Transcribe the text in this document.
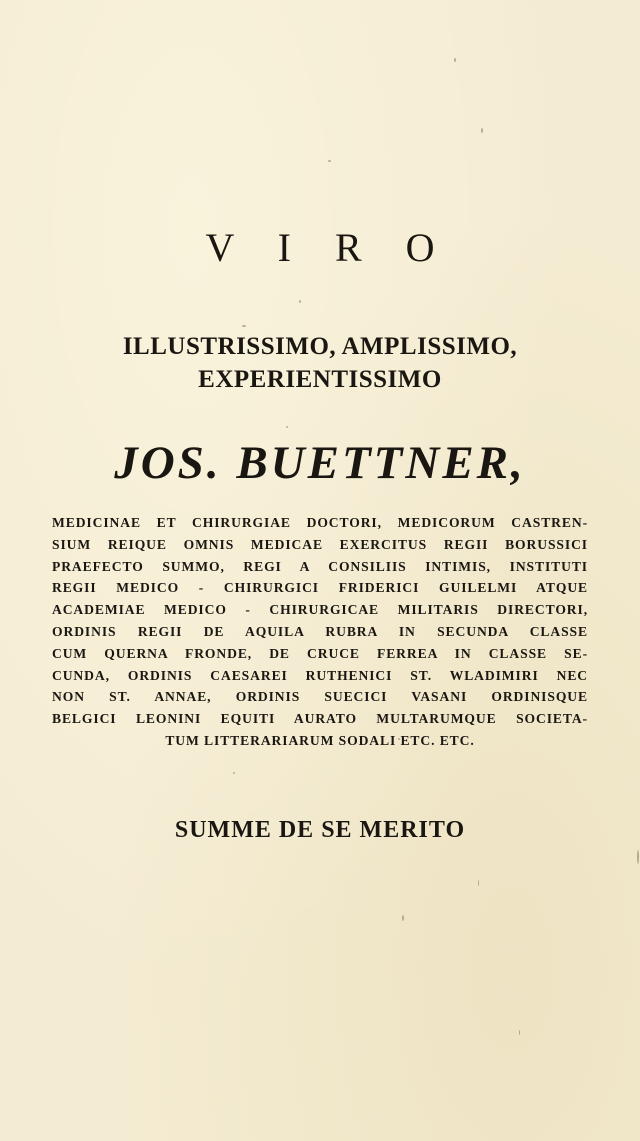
V I R O
ILLUSTRISSIMO, AMPLISSIMO,
EXPERIENTISSIMO
JOS. BUETTNER,
MEDICINAE ET CHIRURGIAE DOCTORI, MEDICORUM CASTREN-
SIUM REIQUE OMNIS MEDICAE EXERCITUS REGII BORUSSICI
PRAEFECTO SUMMO, REGI A CONSILIIS INTIMIS, INSTITUTI
REGII MEDICO - CHIRURGICI FRIDERICI GUILELMI ATQUE
ACADEMIAE MEDICO - CHIRURGICAE MILITARIS DIRECTORI,
ORDINIS REGII DE AQUILA RUBRA IN SECUNDA CLASSE
CUM QUERNA FRONDE, DE CRUCE FERREA IN CLASSE SE-
CUNDA, ORDINIS CAESAREI RUTHENICI ST. WLADIMIRI NEC
NON ST. ANNAE, ORDINIS SUECICI VASANI ORDINISQUE
BELGICI LEONINI EQUITI AURATO MULTARUMQUE SOCIETA-
TUM LITTERARIARUM SODALI ETC. ETC.
SUMME DE SE MERITO
